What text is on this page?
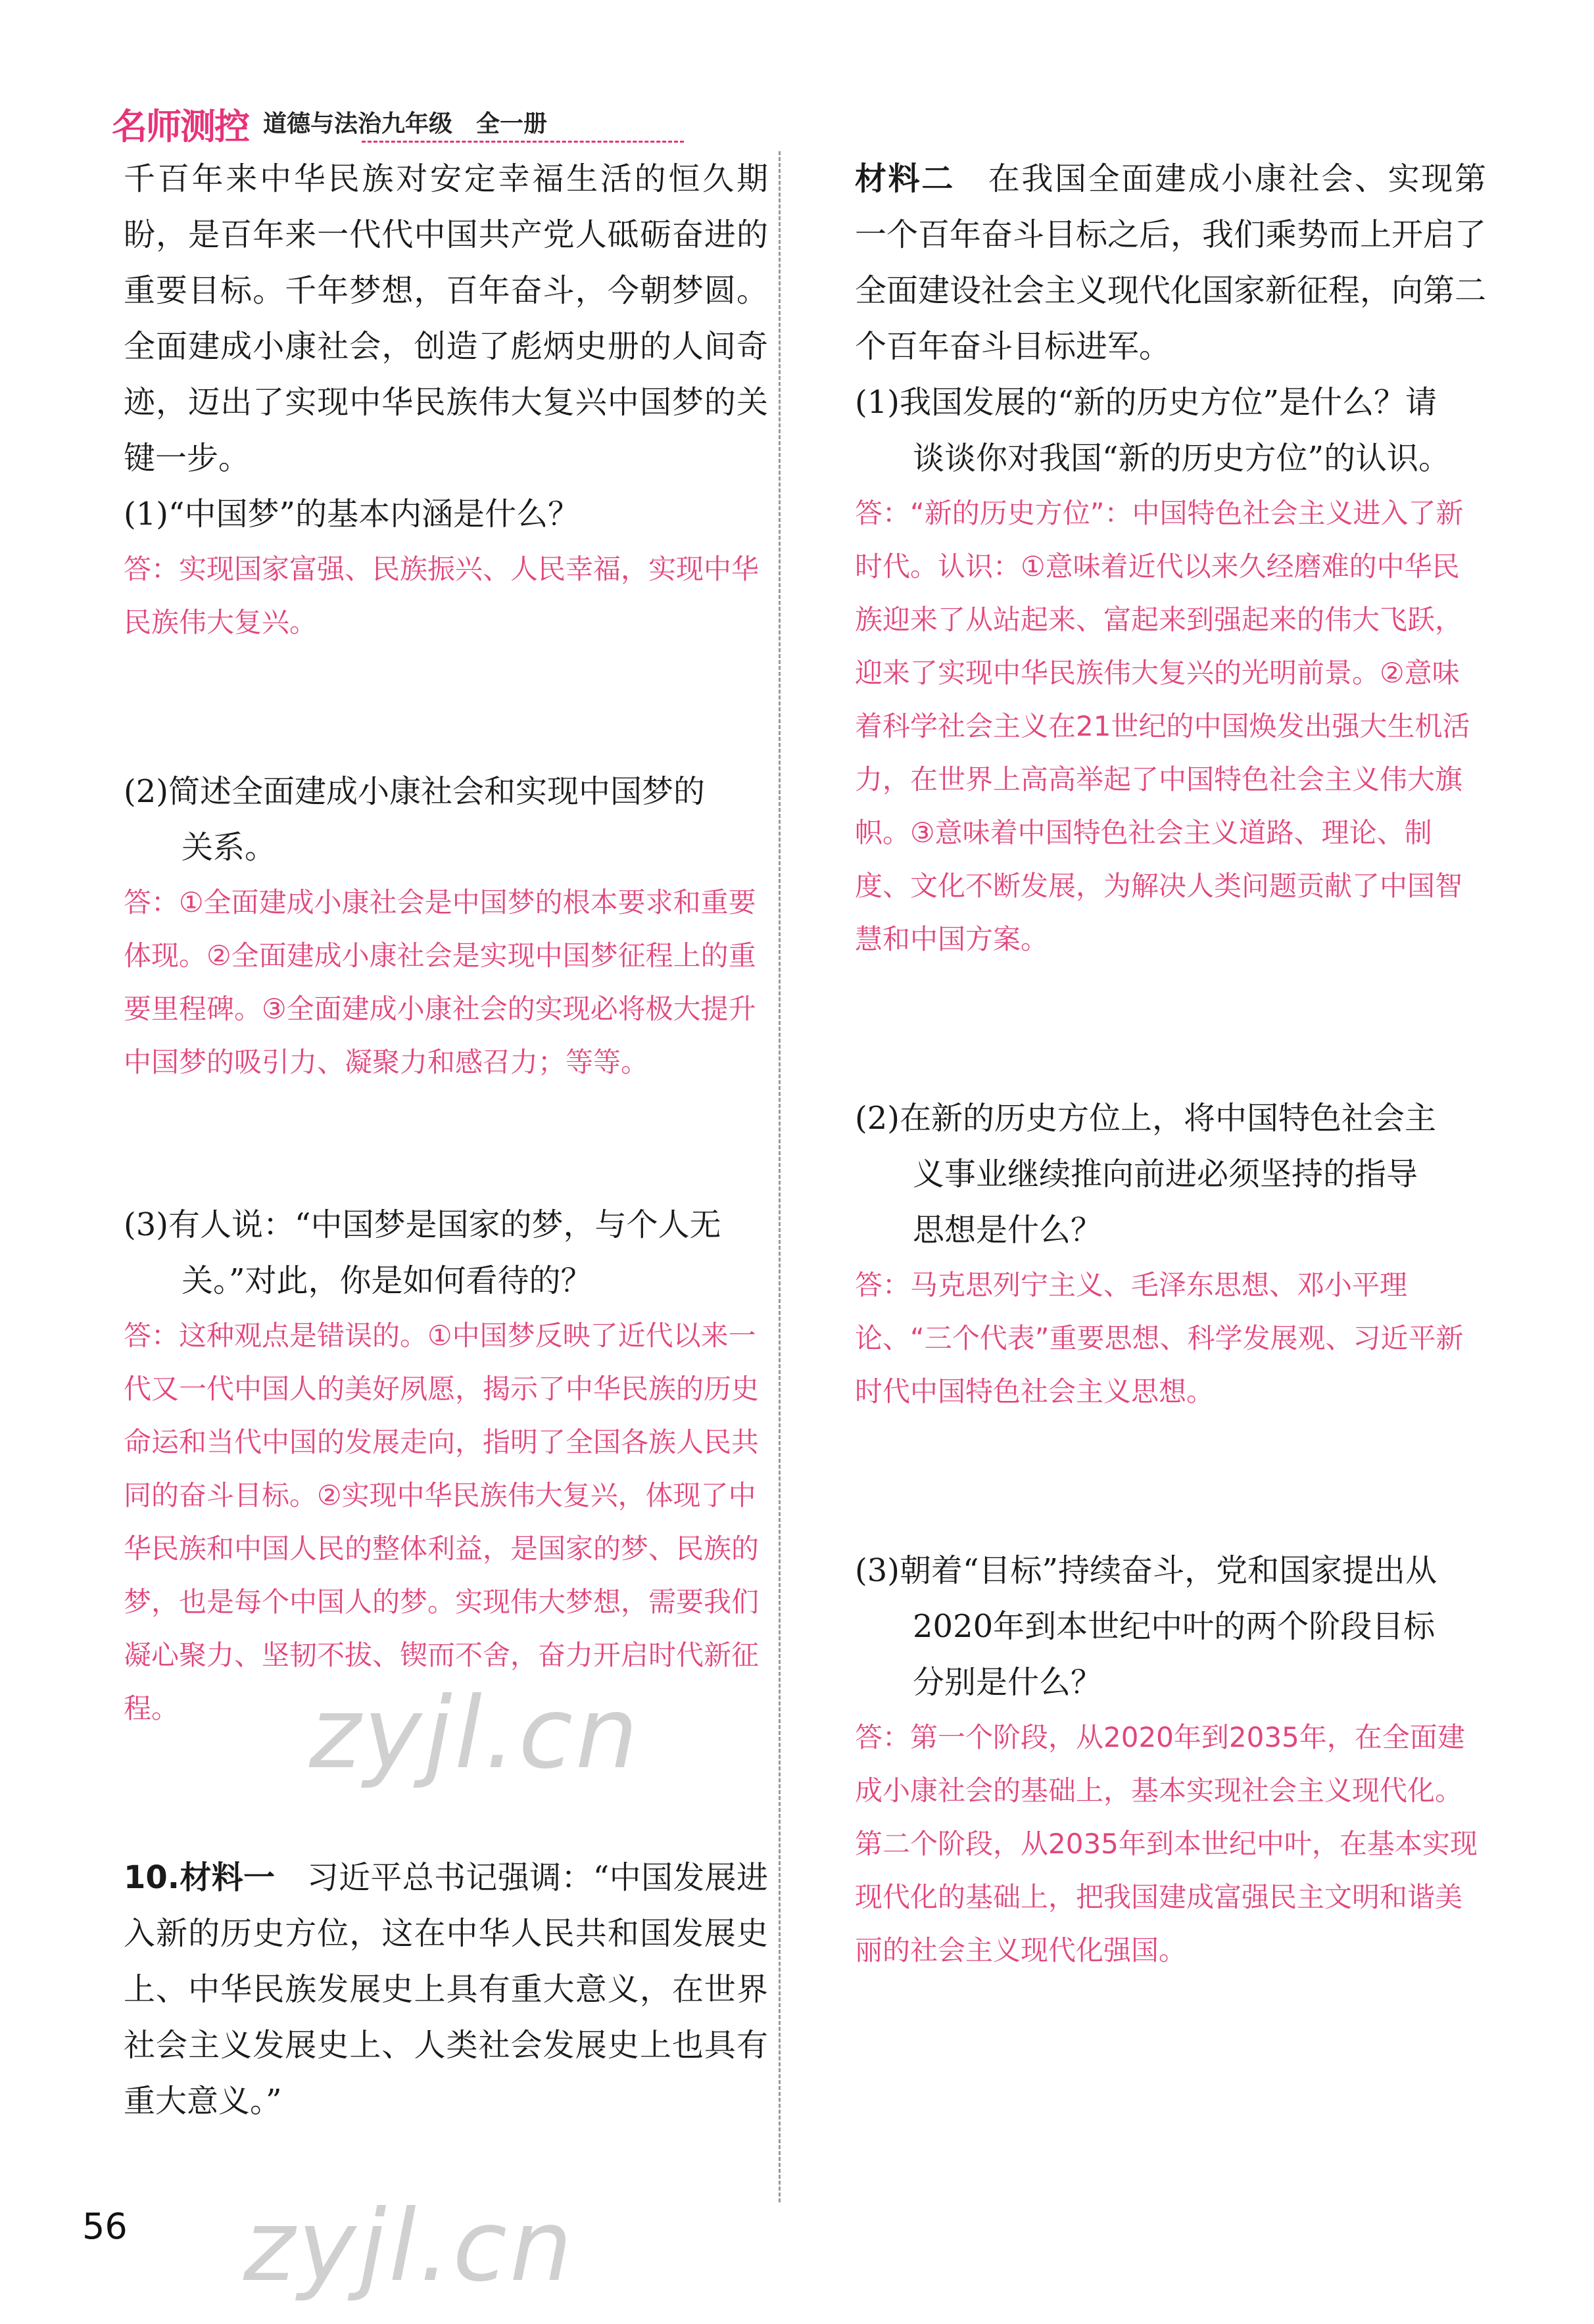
名师测控 道德与法治九年级　全一册

千百年来中华民族对安定幸福生活的恒久期盼，是百年来一代代中国共产党人砥砺奋进的重要目标。千年梦想，百年奋斗，今朝梦圆。全面建成小康社会，创造了彪炳史册的人间奇迹，迈出了实现中华民族伟大复兴中国梦的关键一步。

(1)“中国梦”的基本内涵是什么？

答：实现国家富强、民族振兴、人民幸福，实现中华民族伟大复兴。

(2)简述全面建成小康社会和实现中国梦的
关系。

答：①全面建成小康社会是中国梦的根本要求和重要体现。②全面建成小康社会是实现中国梦征程上的重要里程碑。③全面建成小康社会的实现必将极大提升中国梦的吸引力、凝聚力和感召力；等等。

(3)有人说：“中国梦是国家的梦，与个人无
关。”对此，你是如何看待的？

答：这种观点是错误的。①中国梦反映了近代以来一代又一代中国人的美好夙愿，揭示了中华民族的历史命运和当代中国的发展走向，指明了全国各族人民共同的奋斗目标。②实现中华民族伟大复兴，体现了中华民族和中国人民的整体利益，是国家的梦、民族的梦，也是每个中国人的梦。实现伟大梦想，需要我们凝心聚力、坚韧不拔、锲而不舍，奋力开启时代新征程。

10.材料一　习近平总书记强调：“中国发展进入新的历史方位，这在中华人民共和国发展史上、中华民族发展史上具有重大意义，在世界社会主义发展史上、人类社会发展史上也具有重大意义。”

材料二　在我国全面建成小康社会、实现第一个百年奋斗目标之后，我们乘势而上开启了全面建设社会主义现代化国家新征程，向第二个百年奋斗目标进军。

(1)我国发展的“新的历史方位”是什么？请
谈谈你对我国“新的历史方位”的认识。

答：“新的历史方位”：中国特色社会主义进入了新时代。认识：①意味着近代以来久经磨难的中华民族迎来了从站起来、富起来到强起来的伟大飞跃，迎来了实现中华民族伟大复兴的光明前景。②意味着科学社会主义在21世纪的中国焕发出强大生机活力，在世界上高高举起了中国特色社会主义伟大旗帜。③意味着中国特色社会主义道路、理论、制度、文化不断发展，为解决人类问题贡献了中国智慧和中国方案。

(2)在新的历史方位上，将中国特色社会主
义事业继续推向前进必须坚持的指导
思想是什么？

答：马克思列宁主义、毛泽东思想、邓小平理论、“三个代表”重要思想、科学发展观、习近平新时代中国特色社会主义思想。

(3)朝着“目标”持续奋斗，党和国家提出从
2020年到本世纪中叶的两个阶段目标
分别是什么？

答：第一个阶段，从2020年到2035年，在全面建成小康社会的基础上，基本实现社会主义现代化。第二个阶段，从2035年到本世纪中叶，在基本实现现代化的基础上，把我国建成富强民主文明和谐美丽的社会主义现代化强国。

56
zyjl.cn
zyjl.cn
